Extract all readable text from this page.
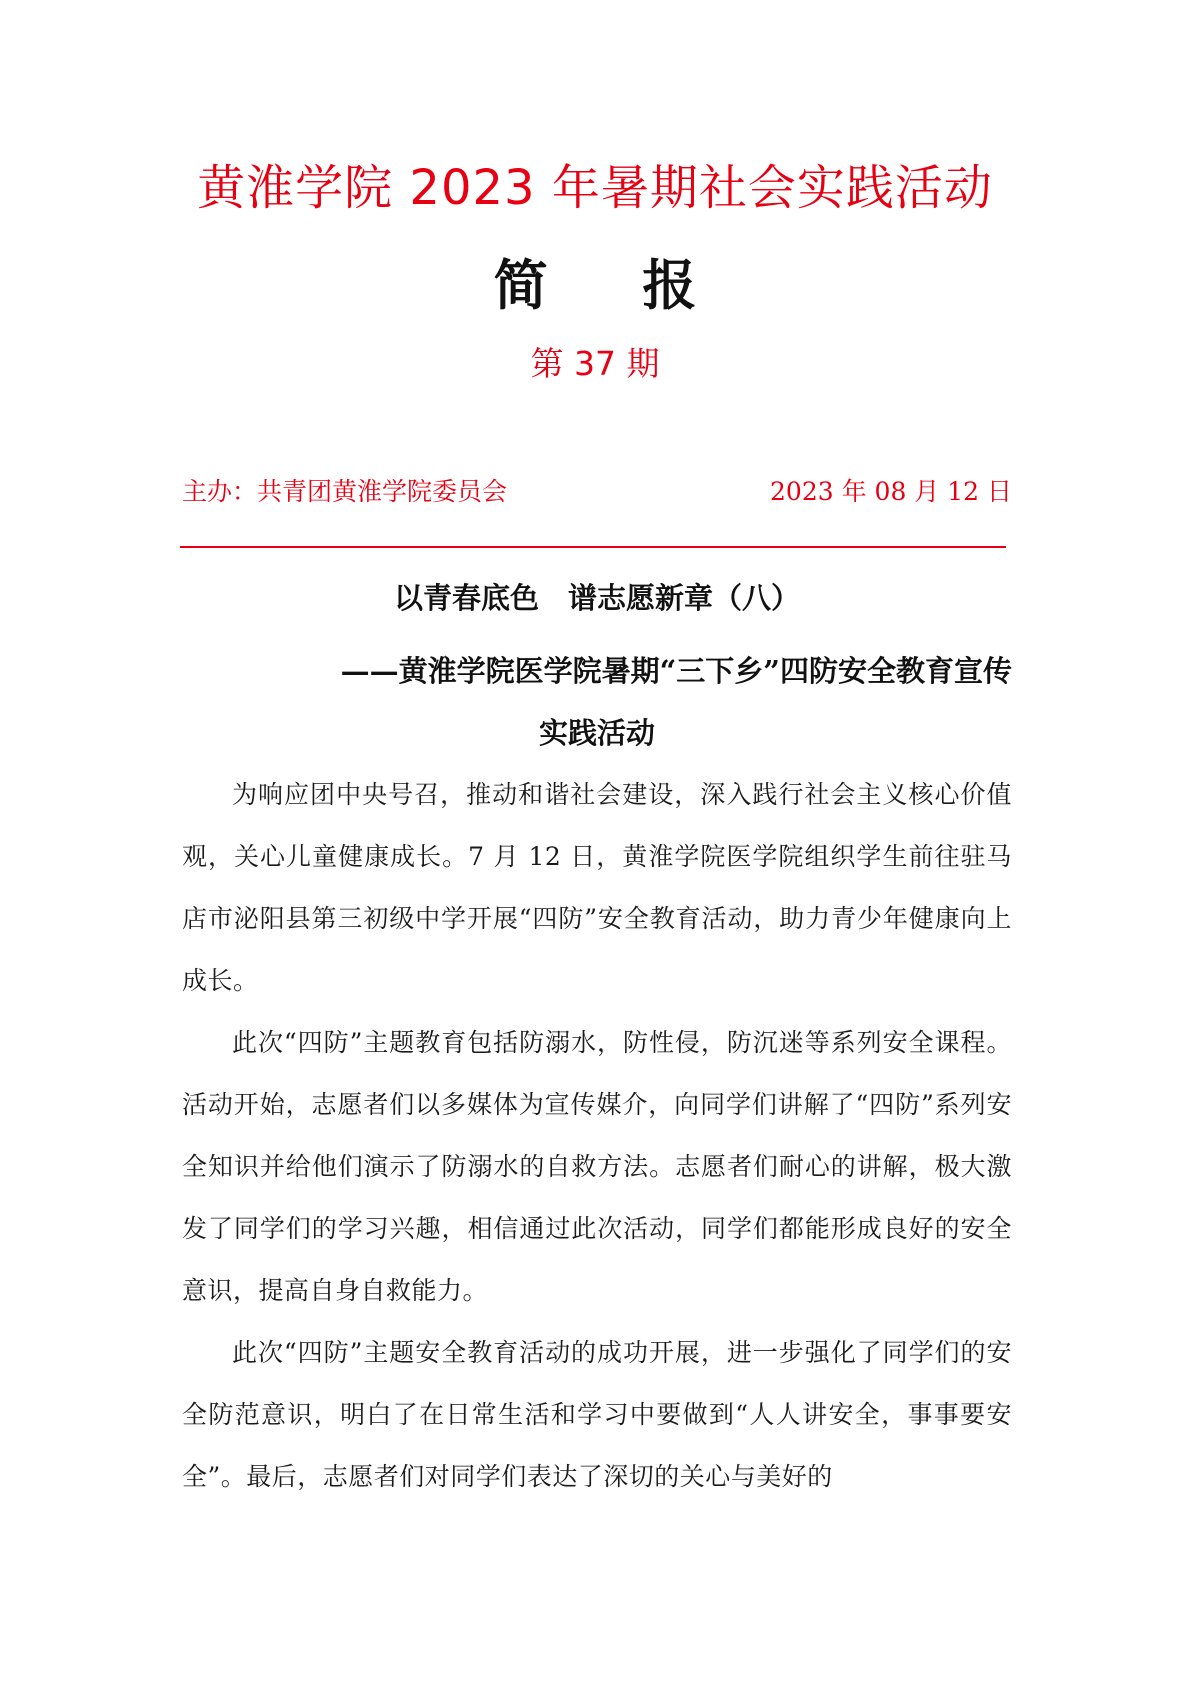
黄淮学院 2023 年暑期社会实践活动
简 报
第 37 期
主办：共青团黄淮学院委员会	2023 年 08 月 12 日
以青春底色　谱志愿新章（八）
——黄淮学院医学院暑期“三下乡”四防安全教育宣传
实践活动

为响应团中央号召，推动和谐社会建设，深入践行社会主义核心价值观，关心儿童健康成长。7 月 12 日，黄淮学院医学院组织学生前往驻马店市泌阳县第三初级中学开展“四防”安全教育活动，助力青少年健康向上成长。

此次“四防”主题教育包括防溺水，防性侵，防沉迷等系列安全课程。活动开始，志愿者们以多媒体为宣传媒介，向同学们讲解了“四防”系列安全知识并给他们演示了防溺水的自救方法。志愿者们耐心的讲解，极大激发了同学们的学习兴趣，相信通过此次活动，同学们都能形成良好的安全意识，提高自身自救能力。

此次“四防”主题安全教育活动的成功开展，进一步强化了同学们的安全防范意识，明白了在日常生活和学习中要做到“人人讲安全，事事要安全”。最后，志愿者们对同学们表达了深切的关心与美好的
